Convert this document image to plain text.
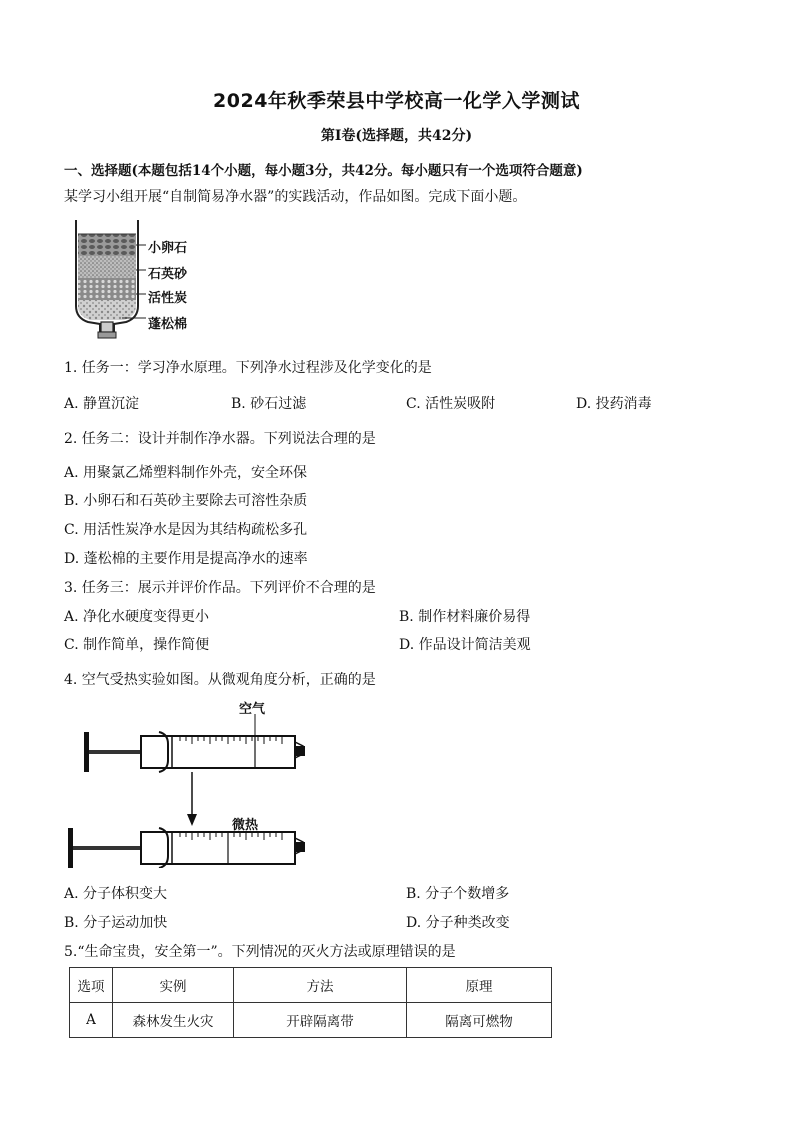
2024年秋季荣县中学校高一化学入学测试
第Ⅰ卷(选择题，共42分)
一、选择题(本题包括14个小题，每小题3分，共42分。每小题只有一个选项符合题意)
某学习小组开展“自制简易净水器”的实践活动，作品如图。完成下面小题。
小卵石
石英砂
活性炭
蓬松棉
1. 任务一：学习净水原理。下列净水过程涉及化学变化的是
A. 静置沉淀	B. 砂石过滤	C. 活性炭吸附	D. 投药消毒
2. 任务二：设计并制作净水器。下列说法合理的是
A. 用聚氯乙烯塑料制作外壳，安全环保
B. 小卵石和石英砂主要除去可溶性杂质
C. 用活性炭净水是因为其结构疏松多孔
D. 蓬松棉的主要作用是提高净水的速率
3. 任务三：展示并评价作品。下列评价不合理的是
A. 净化水硬度变得更小	B. 制作材料廉价易得
C. 制作简单，操作简便	D. 作品设计简洁美观
4. 空气受热实验如图。从微观角度分析，正确的是
空气
微热
A. 分子体积变大	B. 分子个数增多
B. 分子运动加快	D. 分子种类改变
5.“生命宝贵，安全第一”。下列情况的灭火方法或原理错误的是
选项	实例	方法	原理
A	森林发生火灾	开辟隔离带	隔离可燃物
